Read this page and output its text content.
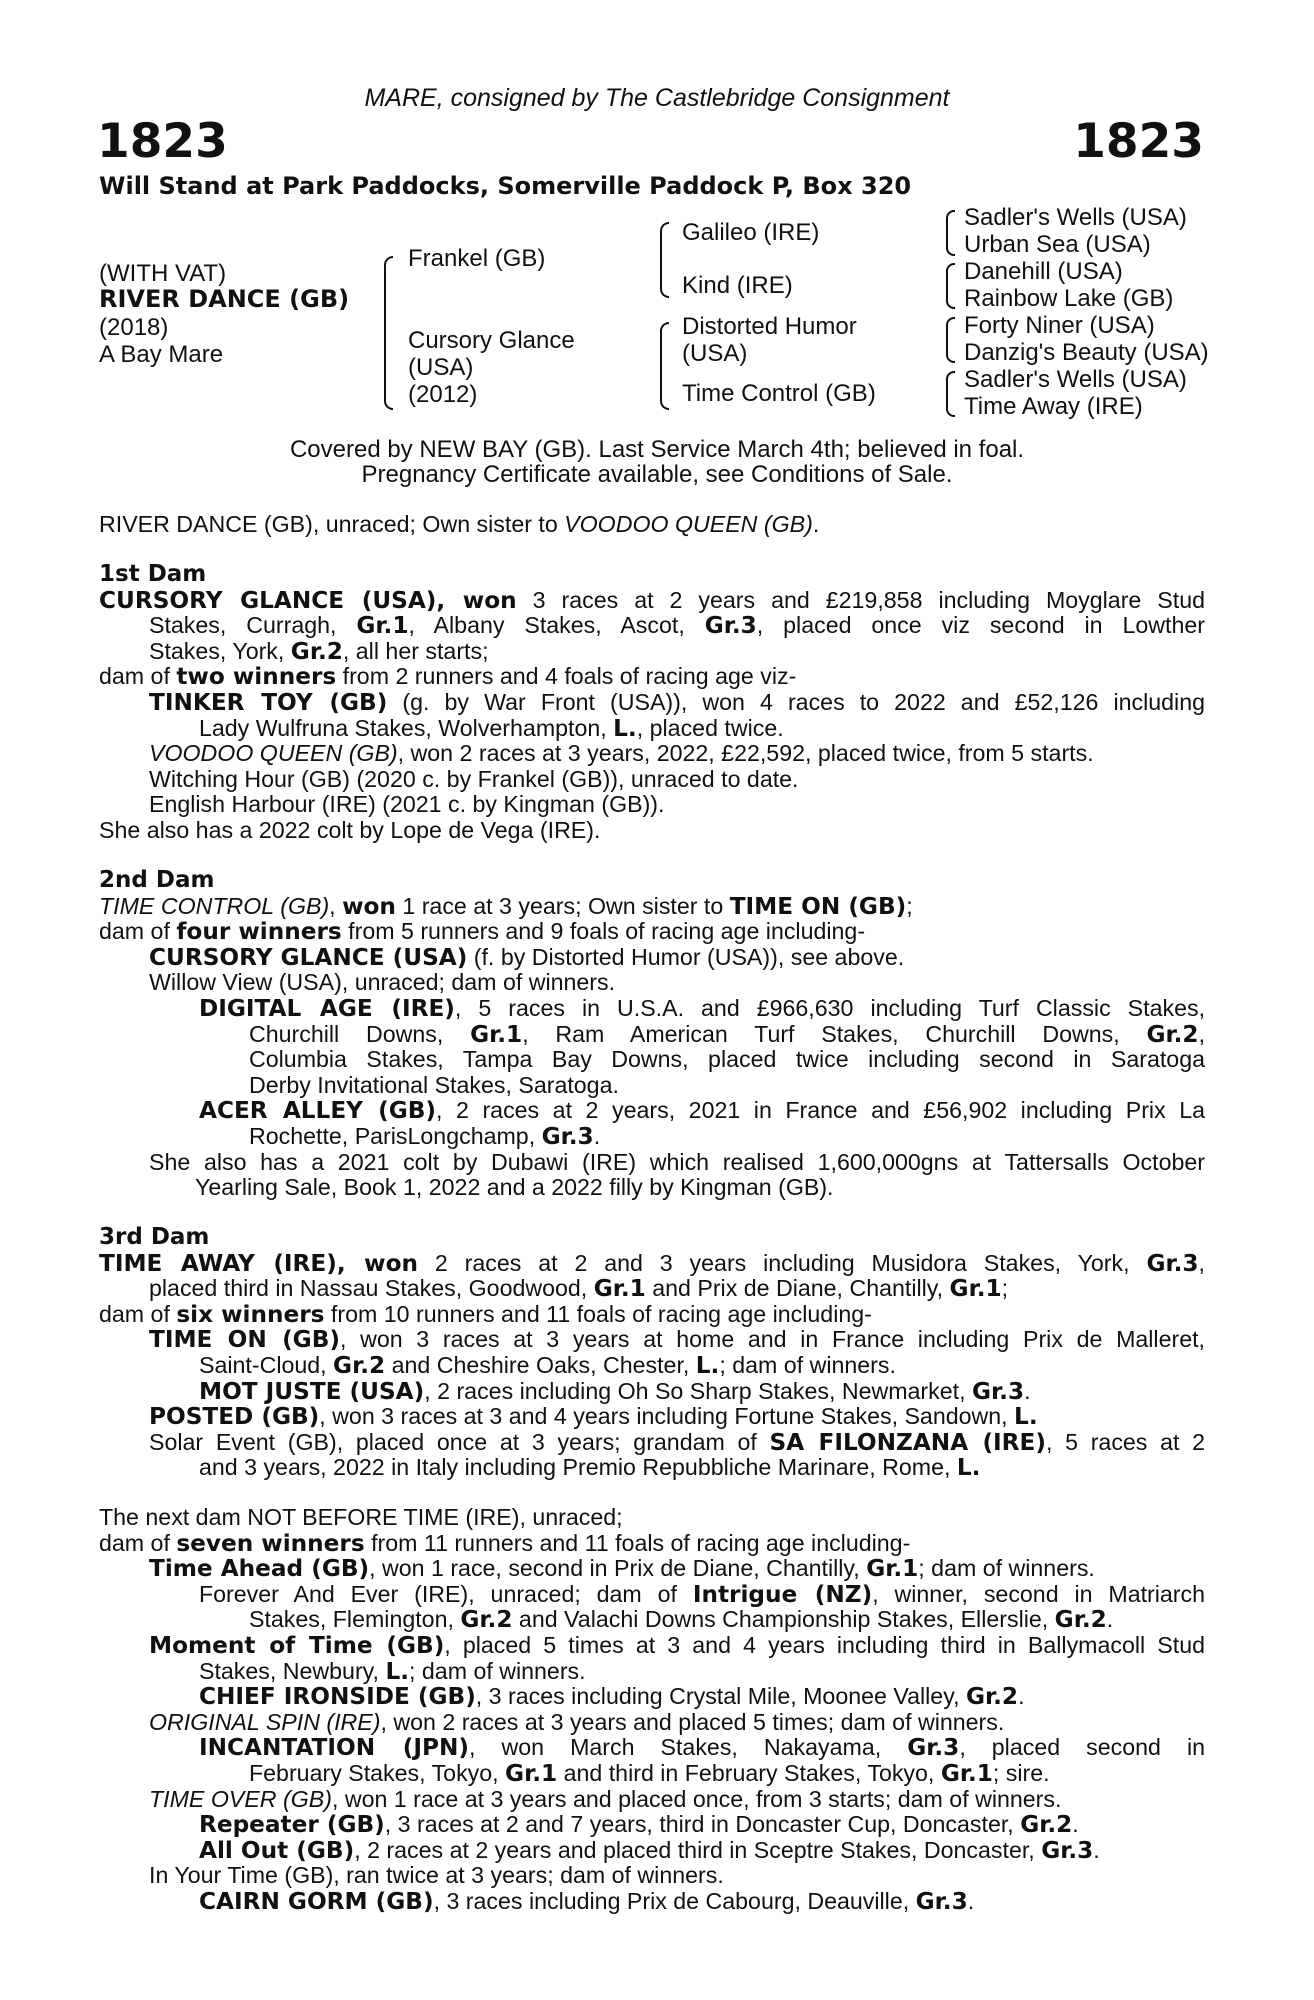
MARE, consigned by The Castlebridge Consignment
1823	1823
Will Stand at Park Paddocks, Somerville Paddock P, Box 320
(WITH VAT)
RIVER DANCE (GB)
(2018)
A Bay Mare
Frankel (GB)
Cursory Glance
(USA)
(2012)
Galileo (IRE)
Kind (IRE)
Distorted Humor
(USA)
Time Control (GB)
Sadler's Wells (USA)
Urban Sea (USA)
Danehill (USA)
Rainbow Lake (GB)
Forty Niner (USA)
Danzig's Beauty (USA)
Sadler's Wells (USA)
Time Away (IRE)
Covered by NEW BAY (GB). Last Service March 4th; believed in foal.
Pregnancy Certificate available, see Conditions of Sale.
RIVER DANCE (GB), unraced; Own sister to VOODOO QUEEN (GB).
1st Dam
CURSORY GLANCE (USA), won 3 races at 2 years and £219,858 including Moyglare Stud
Stakes, Curragh, Gr.1, Albany Stakes, Ascot, Gr.3, placed once viz second in Lowther
Stakes, York, Gr.2, all her starts;
dam of two winners from 2 runners and 4 foals of racing age viz-
TINKER TOY (GB) (g. by War Front (USA)), won 4 races to 2022 and £52,126 including
Lady Wulfruna Stakes, Wolverhampton, L., placed twice.
VOODOO QUEEN (GB), won 2 races at 3 years, 2022, £22,592, placed twice, from 5 starts.
Witching Hour (GB) (2020 c. by Frankel (GB)), unraced to date.
English Harbour (IRE) (2021 c. by Kingman (GB)).
She also has a 2022 colt by Lope de Vega (IRE).
2nd Dam
TIME CONTROL (GB), won 1 race at 3 years; Own sister to TIME ON (GB);
dam of four winners from 5 runners and 9 foals of racing age including-
CURSORY GLANCE (USA) (f. by Distorted Humor (USA)), see above.
Willow View (USA), unraced; dam of winners.
DIGITAL AGE (IRE), 5 races in U.S.A. and £966,630 including Turf Classic Stakes,
Churchill Downs, Gr.1, Ram American Turf Stakes, Churchill Downs, Gr.2,
Columbia Stakes, Tampa Bay Downs, placed twice including second in Saratoga
Derby Invitational Stakes, Saratoga.
ACER ALLEY (GB), 2 races at 2 years, 2021 in France and £56,902 including Prix La
Rochette, ParisLongchamp, Gr.3.
She also has a 2021 colt by Dubawi (IRE) which realised 1,600,000gns at Tattersalls October
Yearling Sale, Book 1, 2022 and a 2022 filly by Kingman (GB).
3rd Dam
TIME AWAY (IRE), won 2 races at 2 and 3 years including Musidora Stakes, York, Gr.3,
placed third in Nassau Stakes, Goodwood, Gr.1 and Prix de Diane, Chantilly, Gr.1;
dam of six winners from 10 runners and 11 foals of racing age including-
TIME ON (GB), won 3 races at 3 years at home and in France including Prix de Malleret,
Saint-Cloud, Gr.2 and Cheshire Oaks, Chester, L.; dam of winners.
MOT JUSTE (USA), 2 races including Oh So Sharp Stakes, Newmarket, Gr.3.
POSTED (GB), won 3 races at 3 and 4 years including Fortune Stakes, Sandown, L.
Solar Event (GB), placed once at 3 years; grandam of SA FILONZANA (IRE), 5 races at 2
and 3 years, 2022 in Italy including Premio Repubbliche Marinare, Rome, L.
The next dam NOT BEFORE TIME (IRE), unraced;
dam of seven winners from 11 runners and 11 foals of racing age including-
Time Ahead (GB), won 1 race, second in Prix de Diane, Chantilly, Gr.1; dam of winners.
Forever And Ever (IRE), unraced; dam of Intrigue (NZ), winner, second in Matriarch
Stakes, Flemington, Gr.2 and Valachi Downs Championship Stakes, Ellerslie, Gr.2.
Moment of Time (GB), placed 5 times at 3 and 4 years including third in Ballymacoll Stud
Stakes, Newbury, L.; dam of winners.
CHIEF IRONSIDE (GB), 3 races including Crystal Mile, Moonee Valley, Gr.2.
ORIGINAL SPIN (IRE), won 2 races at 3 years and placed 5 times; dam of winners.
INCANTATION (JPN), won March Stakes, Nakayama, Gr.3, placed second in
February Stakes, Tokyo, Gr.1 and third in February Stakes, Tokyo, Gr.1; sire.
TIME OVER (GB), won 1 race at 3 years and placed once, from 3 starts; dam of winners.
Repeater (GB), 3 races at 2 and 7 years, third in Doncaster Cup, Doncaster, Gr.2.
All Out (GB), 2 races at 2 years and placed third in Sceptre Stakes, Doncaster, Gr.3.
In Your Time (GB), ran twice at 3 years; dam of winners.
CAIRN GORM (GB), 3 races including Prix de Cabourg, Deauville, Gr.3.
